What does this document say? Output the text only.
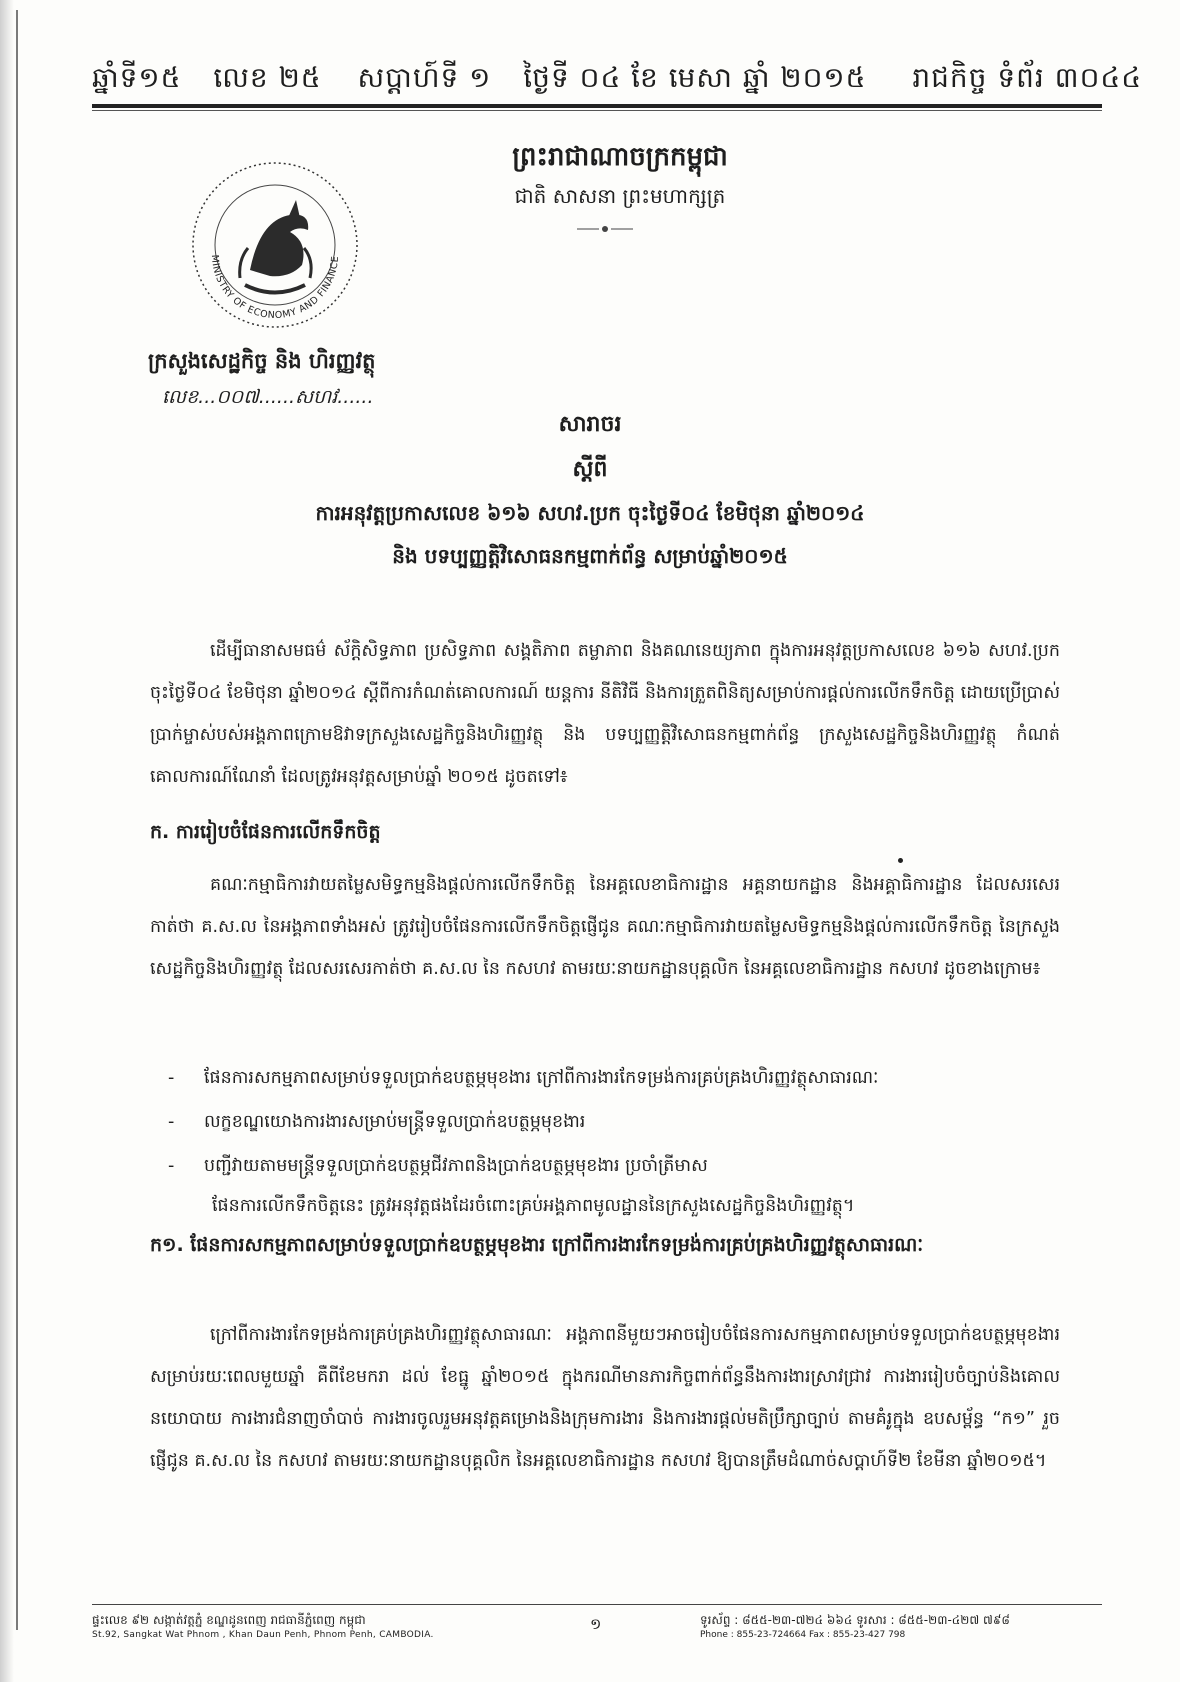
ឆ្នាំទី១៥ លេខ ២៥ សប្តាហ៍ទី ១ ថ្ងៃទី ០៤ ខែ មេសា ឆ្នាំ ២០១៥ រាជកិច្ច ទំព័រ ៣០៤៤
ព្រះរាជាណាចក្រកម្ពុជា
ជាតិ សាសនា ព្រះមហាក្សត្រ
MINISTRY OF ECONOMY AND FINANCE
ក្រសួងសេដ្ឋកិច្ច និង ហិរញ្ញវត្ថុ
លេខ...០០៧......សហវ......
សារាចរ
ស្តីពី
ការអនុវត្តប្រកាសលេខ ៦១៦ សហវ.ប្រក ចុះថ្ងៃទី០៤ ខែមិថុនា ឆ្នាំ២០១៤
និង បទប្បញ្ញត្តិវិសោធនកម្មពាក់ព័ន្ធ សម្រាប់ឆ្នាំ២០១៥
ដើម្បីធានាសមធម៌ ស័ក្តិសិទ្ធភាព ប្រសិទ្ធភាព សង្គតិភាព តម្លាភាព និងគណនេយ្យភាព ក្នុងការអនុវត្តប្រកាសលេខ ៦១៦ សហវ.ប្រក ចុះថ្ងៃទី០៤ ខែមិថុនា ឆ្នាំ២០១៤ ស្តីពីការកំណត់គោលការណ៍ យន្តការ នីតិវិធី និងការត្រួតពិនិត្យសម្រាប់ការផ្តល់ការលើកទឹកចិត្ត ដោយប្រើប្រាស់ប្រាក់ម្ចាស់បស់អង្គភាពក្រោមឱវាទក្រសួងសេដ្ឋកិច្ចនិងហិរញ្ញវត្ថុ និង បទប្បញ្ញត្តិវិសោធនកម្មពាក់ព័ន្ធ ក្រសួងសេដ្ឋកិច្ចនិងហិរញ្ញវត្ថុ កំណត់គោលការណ៍ណែនាំ ដែលត្រូវអនុវត្តសម្រាប់ឆ្នាំ ២០១៥ ដូចតទៅ៖
ក. ការរៀបចំផែនការលើកទឹកចិត្ត
គណៈកម្មាធិការវាយតម្លៃសមិទ្ធកម្មនិងផ្តល់ការលើកទឹកចិត្ត នៃអគ្គលេខាធិការដ្ឋាន អគ្គនាយកដ្ឋាន និងអគ្គាធិការដ្ឋាន ដែលសរសេរកាត់ថា គ.ស.ល នៃអង្គភាពទាំងអស់ ត្រូវរៀបចំផែនការលើកទឹកចិត្តផ្ញើជូន គណៈកម្មាធិការវាយតម្លៃសមិទ្ធកម្មនិងផ្តល់ការលើកទឹកចិត្ត នៃក្រសួងសេដ្ឋកិច្ចនិងហិរញ្ញវត្ថុ ដែលសរសេរកាត់ថា គ.ស.ល នៃ កសហវ តាមរយៈនាយកដ្ឋានបុគ្គលិក នៃអគ្គលេខាធិការដ្ឋាន កសហវ ដូចខាងក្រោម៖
- ផែនការសកម្មភាពសម្រាប់ទទួលប្រាក់ឧបត្ថម្ភមុខងារ ក្រៅពីការងារកែទម្រង់ការគ្រប់គ្រងហិរញ្ញវត្ថុសាធារណៈ
- លក្ខខណ្ឌយោងការងារសម្រាប់មន្ត្រីទទួលប្រាក់ឧបត្ថម្ភមុខងារ
- បញ្ជីវាយតាមមន្ត្រីទទួលប្រាក់ឧបត្ថម្ភជីវភាពនិងប្រាក់ឧបត្ថម្ភមុខងារ ប្រចាំត្រីមាស
ផែនការលើកទឹកចិត្តនេះ ត្រូវអនុវត្តផងដែរចំពោះគ្រប់អង្គភាពមូលដ្ឋាននៃក្រសួងសេដ្ឋកិច្ចនិងហិរញ្ញវត្ថុ។
ក១. ផែនការសកម្មភាពសម្រាប់ទទួលប្រាក់ឧបត្ថម្ភមុខងារ ក្រៅពីការងារកែទម្រង់ការគ្រប់គ្រងហិរញ្ញវត្ថុសាធារណៈ
ក្រៅពីការងារកែទម្រង់ការគ្រប់គ្រងហិរញ្ញវត្ថុសាធារណៈ អង្គភាពនីមួយៗអាចរៀបចំផែនការសកម្មភាពសម្រាប់ទទួលប្រាក់ឧបត្ថម្ភមុខងារ សម្រាប់រយៈពេលមួយឆ្នាំ គឺពីខែមករា ដល់ ខែធ្នូ ឆ្នាំ២០១៥ ក្នុងករណីមានភារកិច្ចពាក់ព័ន្ធនឹងការងារស្រាវជ្រាវ ការងាររៀបចំច្បាប់និងគោលនយោបាយ ការងារជំនាញចាំបាច់ ការងារចូលរួមអនុវត្តគម្រោងនិងក្រុមការងារ និងការងារផ្តល់មតិប្រឹក្សាច្បាប់ តាមគំរូក្នុង ឧបសម្ព័ន្ធ “ក១” រួចផ្ញើជូន គ.ស.ល នៃ កសហវ តាមរយៈនាយកដ្ឋានបុគ្គលិក នៃអគ្គលេខាធិការដ្ឋាន កសហវ ឱ្យបានត្រឹមដំណាច់សប្តាហ៍ទី២ ខែមីនា ឆ្នាំ២០១៥។
ផ្ទះលេខ ៩២ សង្កាត់វត្តភ្នំ ខណ្ឌដូនពេញ រាជធានីភ្នំពេញ កម្ពុជា
St.92, Sangkat Wat Phnom , Khan Daun Penh, Phnom Penh, CAMBODIA.
១	ទូរស័ព្ទ : ៨៥៥-២៣-៧២៤ ៦៦៤ ទូរសារ : ៨៥៥-២៣-៤២៧ ៧៩៨
Phone : 855-23-724664 Fax : 855-23-427 798
